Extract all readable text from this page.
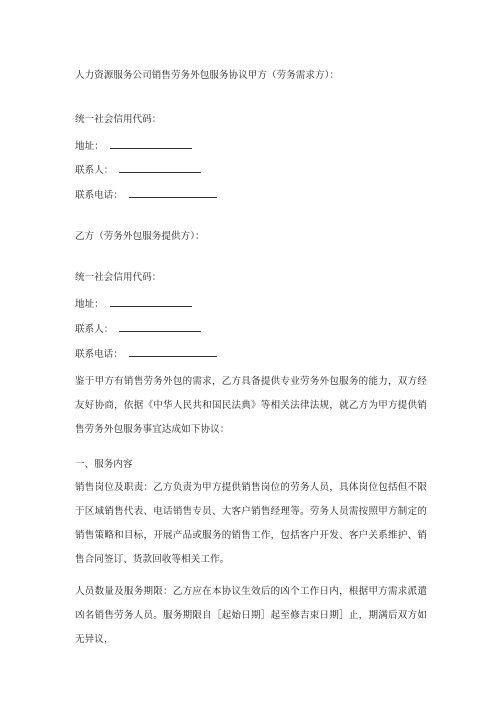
人力资源服务公司销售劳务外包服务协议甲方（劳务需求方）：
统一社会信用代码：
地址：
联系人：
联系电话：
乙方（劳务外包服务提供方）：
统一社会信用代码：
地址：
联系人：
联系电话：
鉴于甲方有销售劳务外包的需求，乙方具备提供专业劳务外包服务的能力，双方经友好协商，依据《中华人民共和国民法典》等相关法律法规，就乙方为甲方提供销售劳务外包服务事宜达成如下协议：
一、服务内容
销售岗位及职责：乙方负责为甲方提供销售岗位的劳务人员，具体岗位包括但不限于区域销售代表、电话销售专员、大客户销售经理等。劳务人员需按照甲方制定的销售策略和目标，开展产品或服务的销售工作，包括客户开发、客户关系维护、销售合同签订、货款回收等相关工作。
人员数量及服务期限：乙方应在本协议生效后的凶个工作日内，根据甲方需求派遣凶名销售劳务人员。服务期限自［起始日期］起至修吉束日期］止，期满后双方如无异议，
